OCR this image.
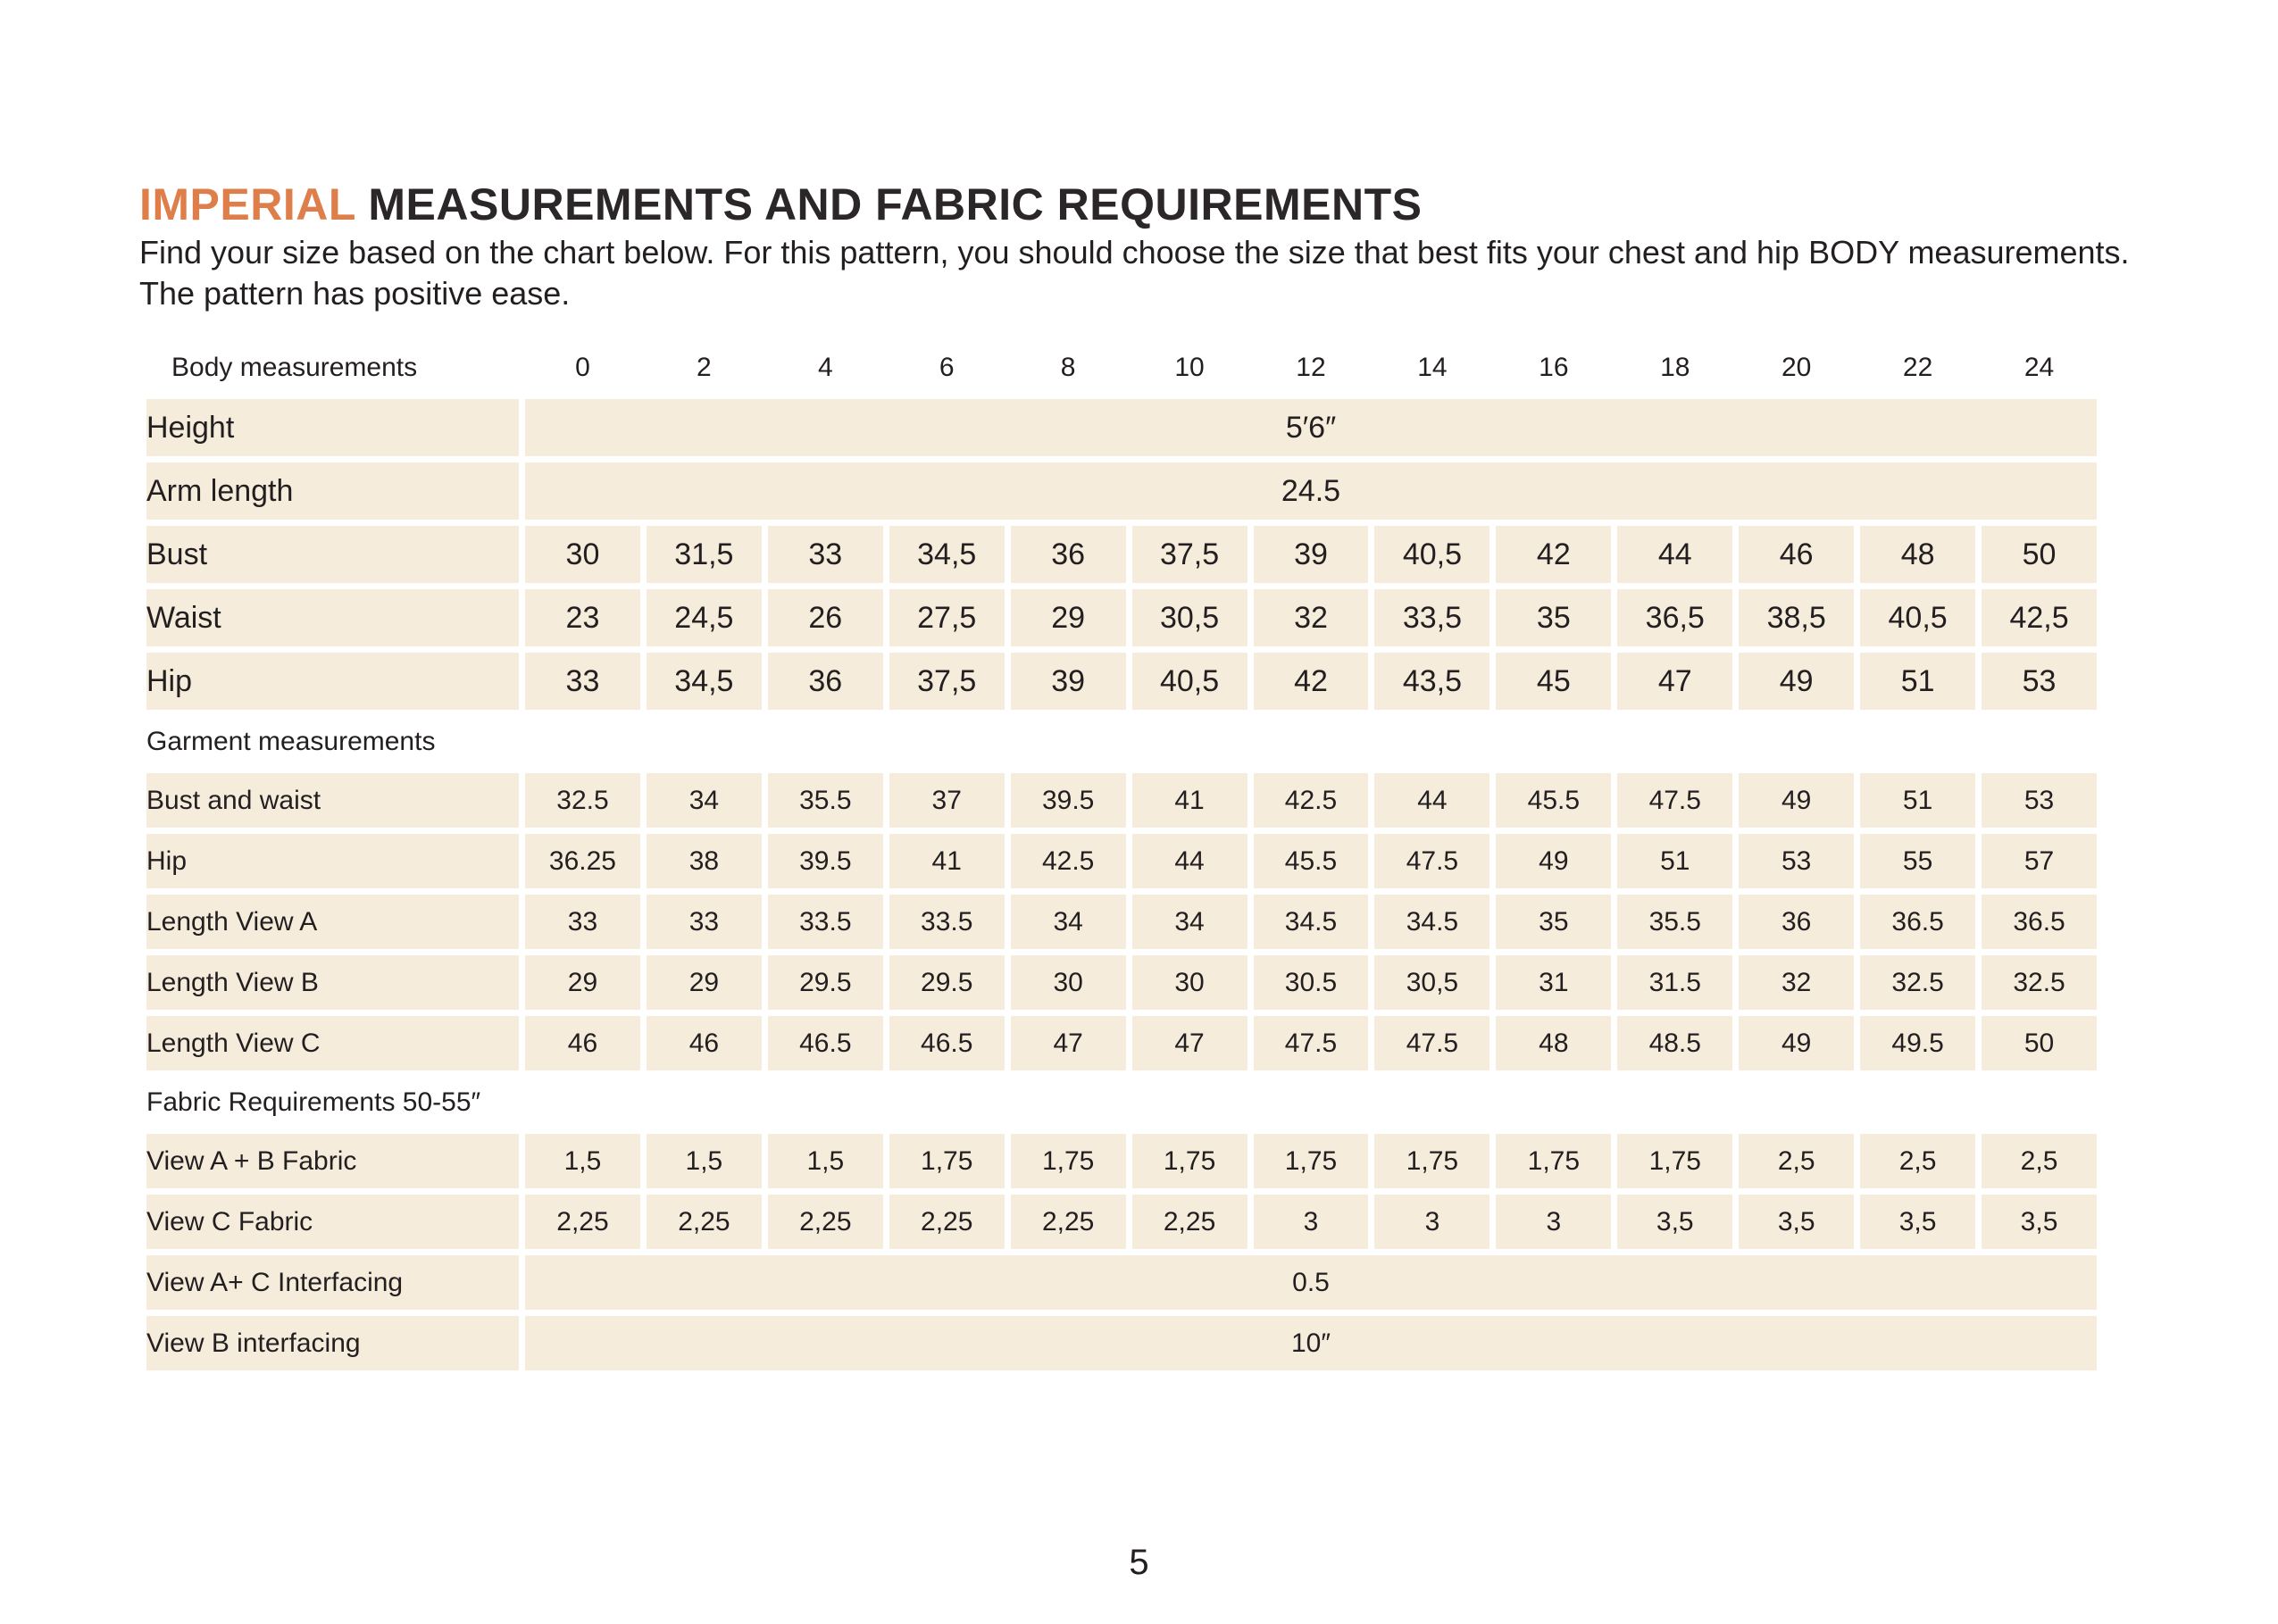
IMPERIAL MEASUREMENTS AND FABRIC REQUIREMENTS

Find your size based on the chart below. For this pattern, you should choose the size that best fits your chest and hip BODY measurements. The pattern has positive ease.

Body measurements	0	2	4	6	8	10	12	14	16	18	20	22	24
Height	5′6″												
Arm length	24.5												
Bust	30	31,5	33	34,5	36	37,5	39	40,5	42	44	46	48	50
Waist	23	24,5	26	27,5	29	30,5	32	33,5	35	36,5	38,5	40,5	42,5
Hip	33	34,5	36	37,5	39	40,5	42	43,5	45	47	49	51	53
Garment measurements													
Bust and waist	32.5	34	35.5	37	39.5	41	42.5	44	45.5	47.5	49	51	53
Hip	36.25	38	39.5	41	42.5	44	45.5	47.5	49	51	53	55	57
Length View A	33	33	33.5	33.5	34	34	34.5	34.5	35	35.5	36	36.5	36.5
Length View B	29	29	29.5	29.5	30	30	30.5	30,5	31	31.5	32	32.5	32.5
Length View C	46	46	46.5	46.5	47	47	47.5	47.5	48	48.5	49	49.5	50
Fabric Requirements 50-55″													
View A + B Fabric	1,5	1,5	1,5	1,75	1,75	1,75	1,75	1,75	1,75	1,75	2,5	2,5	2,5
View C Fabric	2,25	2,25	2,25	2,25	2,25	2,25	3	3	3	3,5	3,5	3,5	3,5
View A+ C Interfacing	0.5												
View B interfacing	10″												
5
